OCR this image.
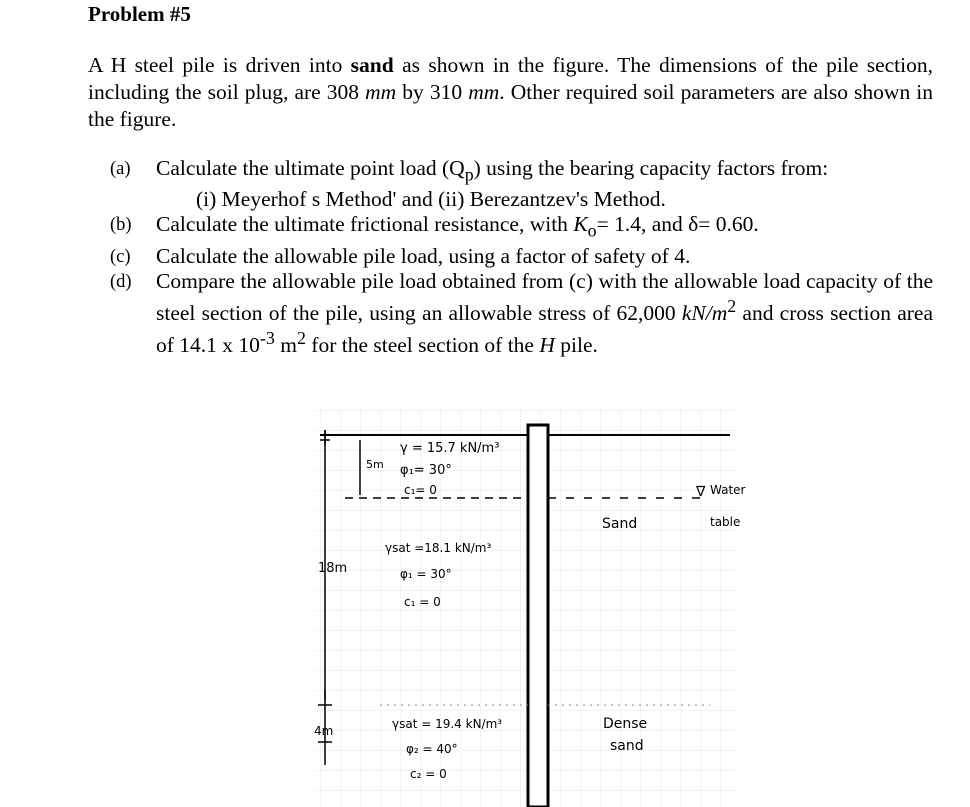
Problem #5

A H steel pile is driven into sand as shown in the figure. The dimensions of the pile section, including the soil plug, are 308 mm by 310 mm. Other required soil parameters are also shown in the figure.

(a) Calculate the ultimate point load $(Q_p)$ using the bearing capacity factors from:
(i) Meyerhof s Method' and (ii) Berezantzev's Method.

(b) Calculate the ultimate frictional resistance, with $K_o= 1.4$, and δ= 0.60.

(c) Calculate the allowable pile load, using a factor of safety of 4.

(d) Compare the allowable pile load obtained from (c) with the allowable load capacity of the steel section of the pile, using an allowable stress of 62,000 $kN/m^2$ and cross section area of 14.1 x $10^{-3}$ $m^2$ for the steel section of the H pile.

5m
18m
4m
γ = 15.7 kN/m³
φ₁= 30°
c₁= 0
γsat =18.1 kN/m³
φ₁ = 30°
c₁ = 0
γsat = 19.4 kN/m³
φ₂ = 40°
c₂ = 0
Sand
∇ Water
table
Dense
sand
